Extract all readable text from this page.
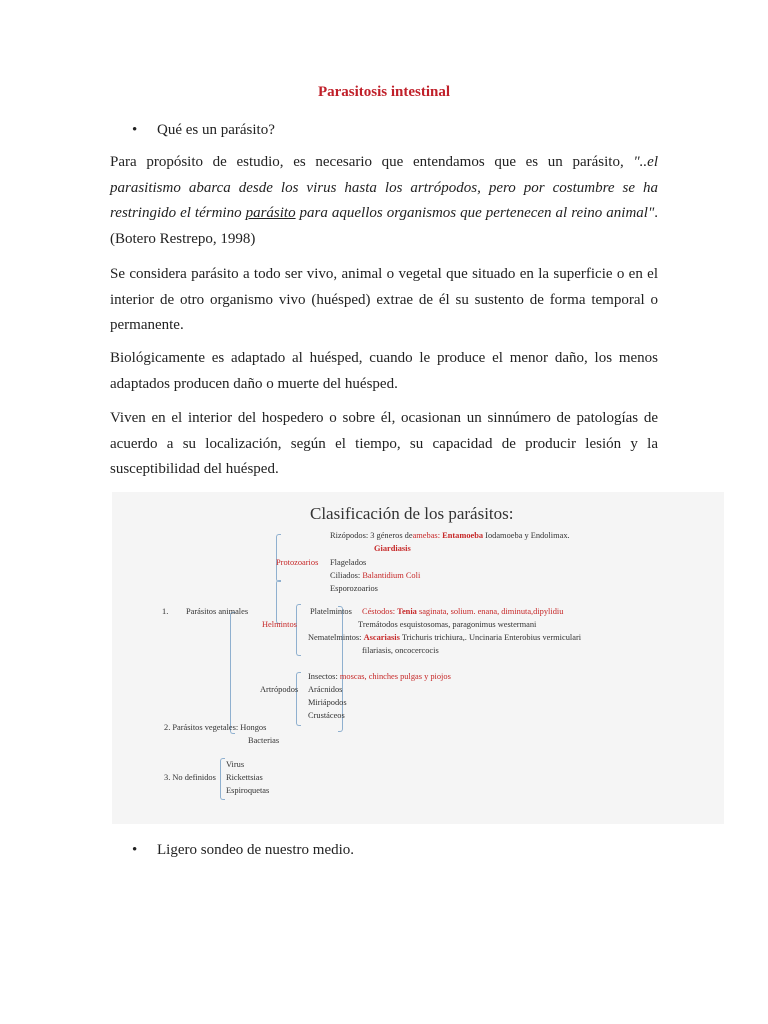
Parasitosis intestinal
• Qué es un parásito?
Para propósito de estudio, es necesario que entendamos que es un parásito, "..el parasitismo abarca desde los virus hasta los artrópodos, pero por costumbre se ha restringido el término parásito para aquellos organismos que pertenecen al reino animal". (Botero Restrepo, 1998)
Se considera parásito a todo ser vivo, animal o vegetal que situado en la superficie o en el interior de otro organismo vivo (huésped) extrae de él su sustento de forma temporal o permanente.
Biológicamente es adaptado al huésped, cuando le produce el menor daño, los menos adaptados producen daño o muerte del huésped.
Viven en el interior del hospedero o sobre él, ocasionan un sinnúmero de patologías de acuerdo a su localización, según el tiempo, su capacidad de producir lesión y la susceptibilidad del huésped.
Clasificación de los parásitos:
Rizópodos: 3 géneros deamebas: Entamoeba Iodamoeba y Endolimax.
Giardiasis
Protozoarios Flagelados
Ciliados: Balantidium Coli
Esporozoarios
1. Parásitos animales	Platelmintos Céstodos: Tenia saginata, solium. enana, diminuta,dipylidiu
Helmintos	Tremátodos esquistosomas, paragonimus westermani
Nematelmintos: Ascariasis Trichuris trichiura,. Uncinaria Enterobius vermiculari
filariasis, oncocercocis
Insectos: moscas, chinches pulgas y piojos
Artrópodos Arácnidos
Miriápodos
Crustáceos
2. Parásitos vegetales: Hongos
Bacterias
Virus
3. No definidos Rickettsias
Espiroquetas
• Ligero sondeo de nuestro medio.
